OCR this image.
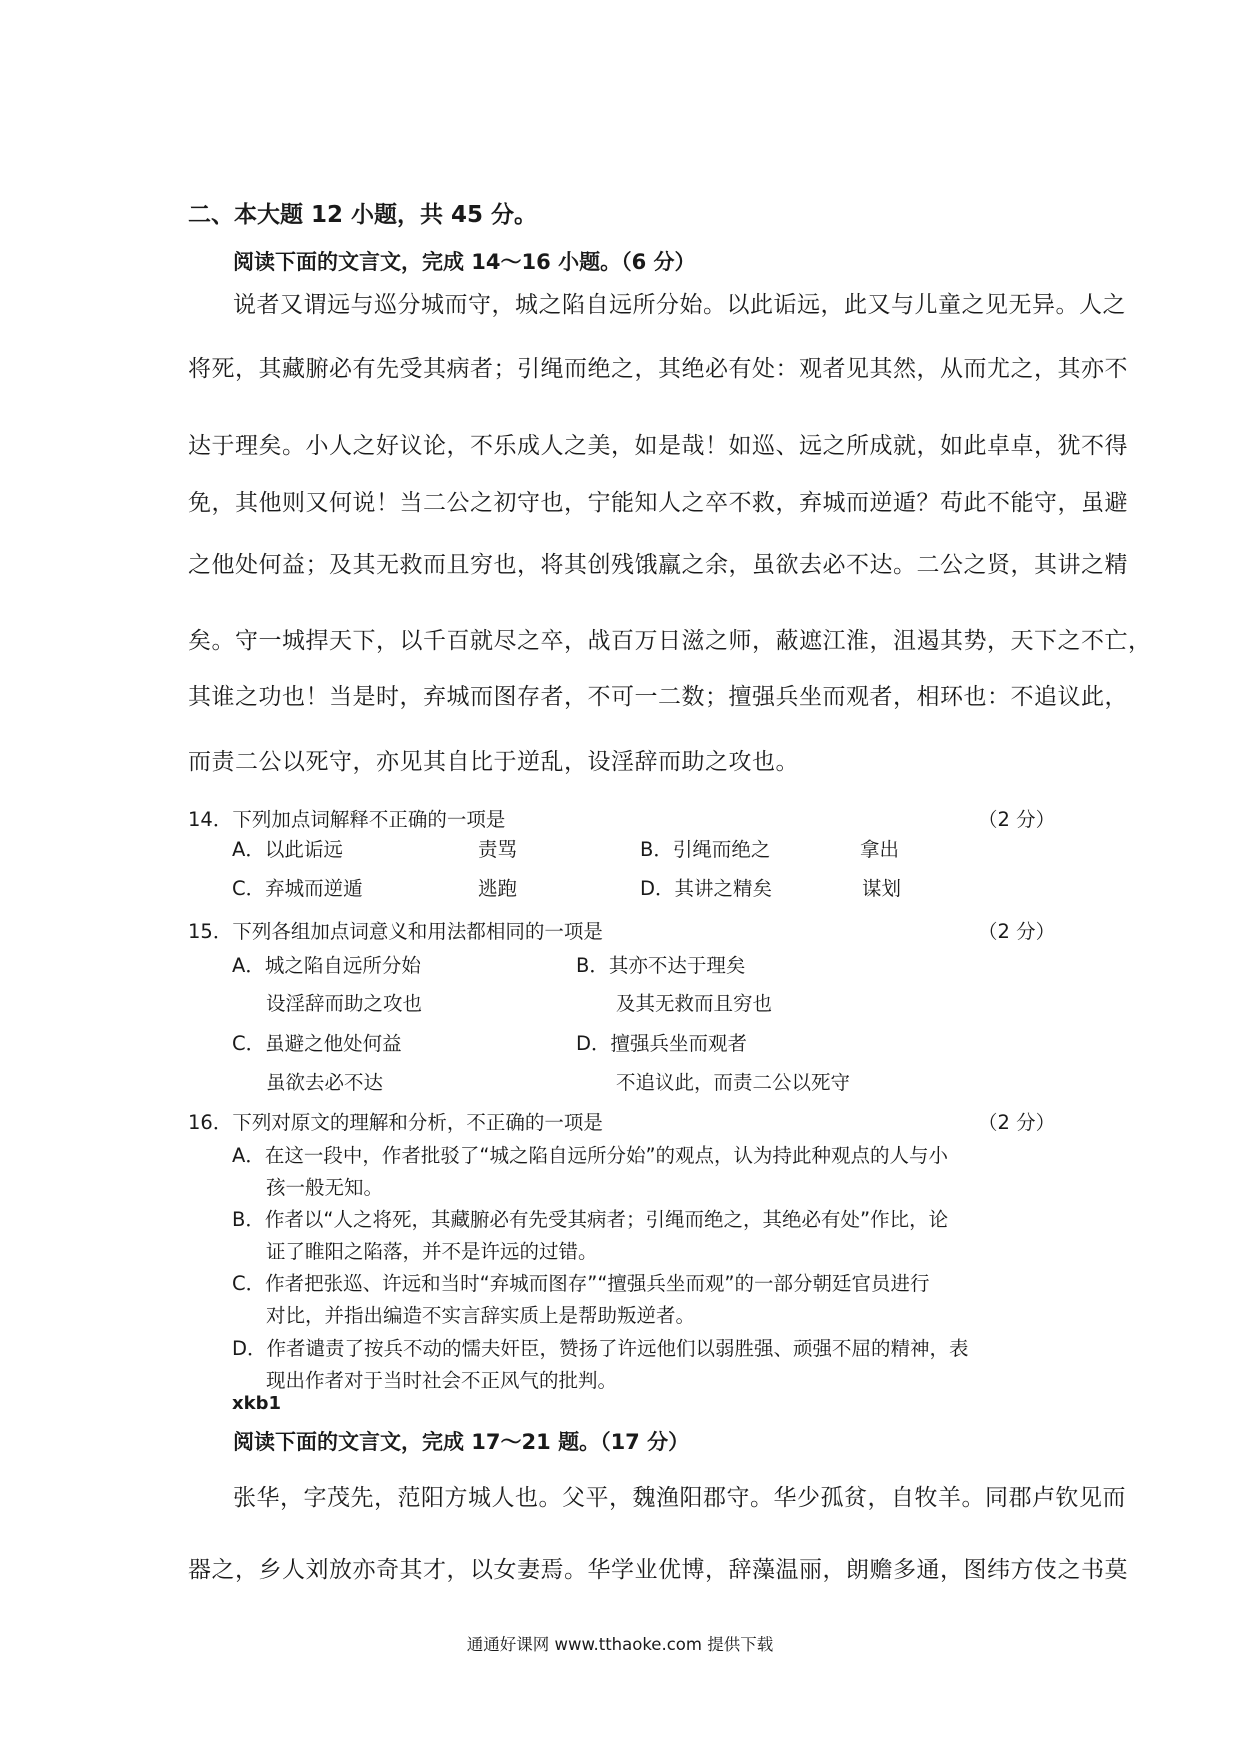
二、本大题 12 小题，共 45 分。
阅读下面的文言文，完成 14～16 小题。（6 分）
说者又谓远与巡分城而守，城之陷自远所分始。以此诟远，此又与儿童之见无异。人之
将死，其藏腑必有先受其病者；引绳而绝之，其绝必有处：观者见其然，从而尤之，其亦不
达于理矣。小人之好议论，不乐成人之美，如是哉！如巡、远之所成就，如此卓卓，犹不得
免，其他则又何说！当二公之初守也，宁能知人之卒不救，弃城而逆遁？苟此不能守，虽避
之他处何益；及其无救而且穷也，将其创残饿羸之余，虽欲去必不达。二公之贤，其讲之精
矣。守一城捍天下，以千百就尽之卒，战百万日滋之师，蔽遮江淮，沮遏其势，天下之不亡，
其谁之功也！当是时，弃城而图存者，不可一二数；擅强兵坐而观者，相环也：不追议此，
而责二公以死守，亦见其自比于逆乱，设淫辞而助之攻也。
14．下列加点词解释不正确的一项是	（2 分）
A．以此诟远	责骂	B．引绳而绝之	拿出
C．弃城而逆遁	逃跑	D．其讲之精矣	谋划
15．下列各组加点词意义和用法都相同的一项是	（2 分）
A．城之陷自远所分始
设淫辞而助之攻也
B．其亦不达于理矣
及其无救而且穷也
C．虽避之他处何益
虽欲去必不达
D．擅强兵坐而观者
不追议此，而责二公以死守
16．下列对原文的理解和分析，不正确的一项是	（2 分）
A．在这一段中，作者批驳了“城之陷自远所分始”的观点，认为持此种观点的人与小
孩一般无知。
B．作者以“人之将死，其藏腑必有先受其病者；引绳而绝之，其绝必有处”作比，论
证了睢阳之陷落，并不是许远的过错。
C．作者把张巡、许远和当时“弃城而图存”“擅强兵坐而观”的一部分朝廷官员进行
对比，并指出编造不实言辞实质上是帮助叛逆者。
D．作者谴责了按兵不动的懦夫奸臣，赞扬了许远他们以弱胜强、顽强不屈的精神，表
现出作者对于当时社会不正风气的批判。
xkb1
阅读下面的文言文，完成 17～21 题。（17 分）
张华，字茂先，范阳方城人也。父平，魏渔阳郡守。华少孤贫，自牧羊。同郡卢钦见而
器之，乡人刘放亦奇其才，以女妻焉。华学业优博，辞藻温丽，朗赡多通，图纬方伎之书莫
通通好课网 www.tthaoke.com 提供下载
